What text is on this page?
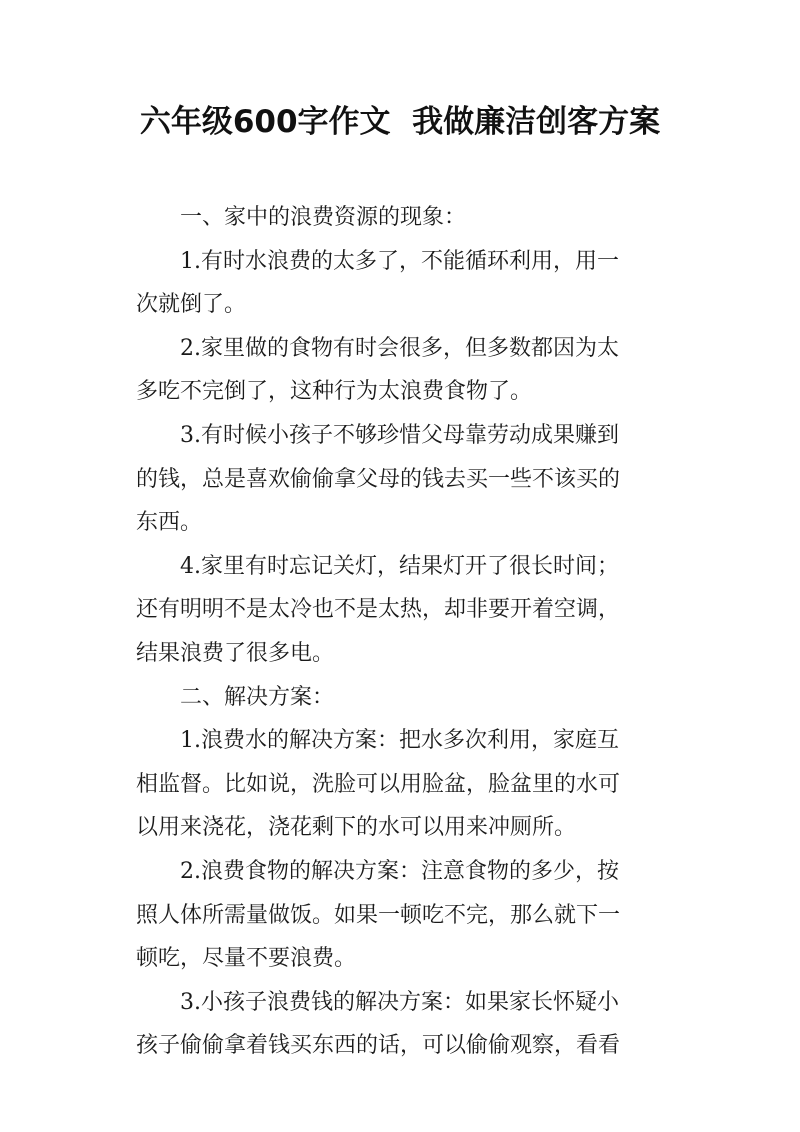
六年级600字作文  我做廉洁创客方案
一、家中的浪费资源的现象：
1.有时水浪费的太多了，不能循环利用，用一
次就倒了。
2.家里做的食物有时会很多，但多数都因为太
多吃不完倒了，这种行为太浪费食物了。
3.有时候小孩子不够珍惜父母靠劳动成果赚到
的钱，总是喜欢偷偷拿父母的钱去买一些不该买的
东西。
4.家里有时忘记关灯，结果灯开了很长时间；
还有明明不是太冷也不是太热，却非要开着空调，
结果浪费了很多电。
二、解决方案：
1.浪费水的解决方案：把水多次利用，家庭互
相监督。比如说，洗脸可以用脸盆，脸盆里的水可
以用来浇花，浇花剩下的水可以用来冲厕所。
2.浪费食物的解决方案：注意食物的多少，按
照人体所需量做饭。如果一顿吃不完，那么就下一
顿吃，尽量不要浪费。
3.小孩子浪费钱的解决方案：如果家长怀疑小
孩子偷偷拿着钱买东西的话，可以偷偷观察，看看
